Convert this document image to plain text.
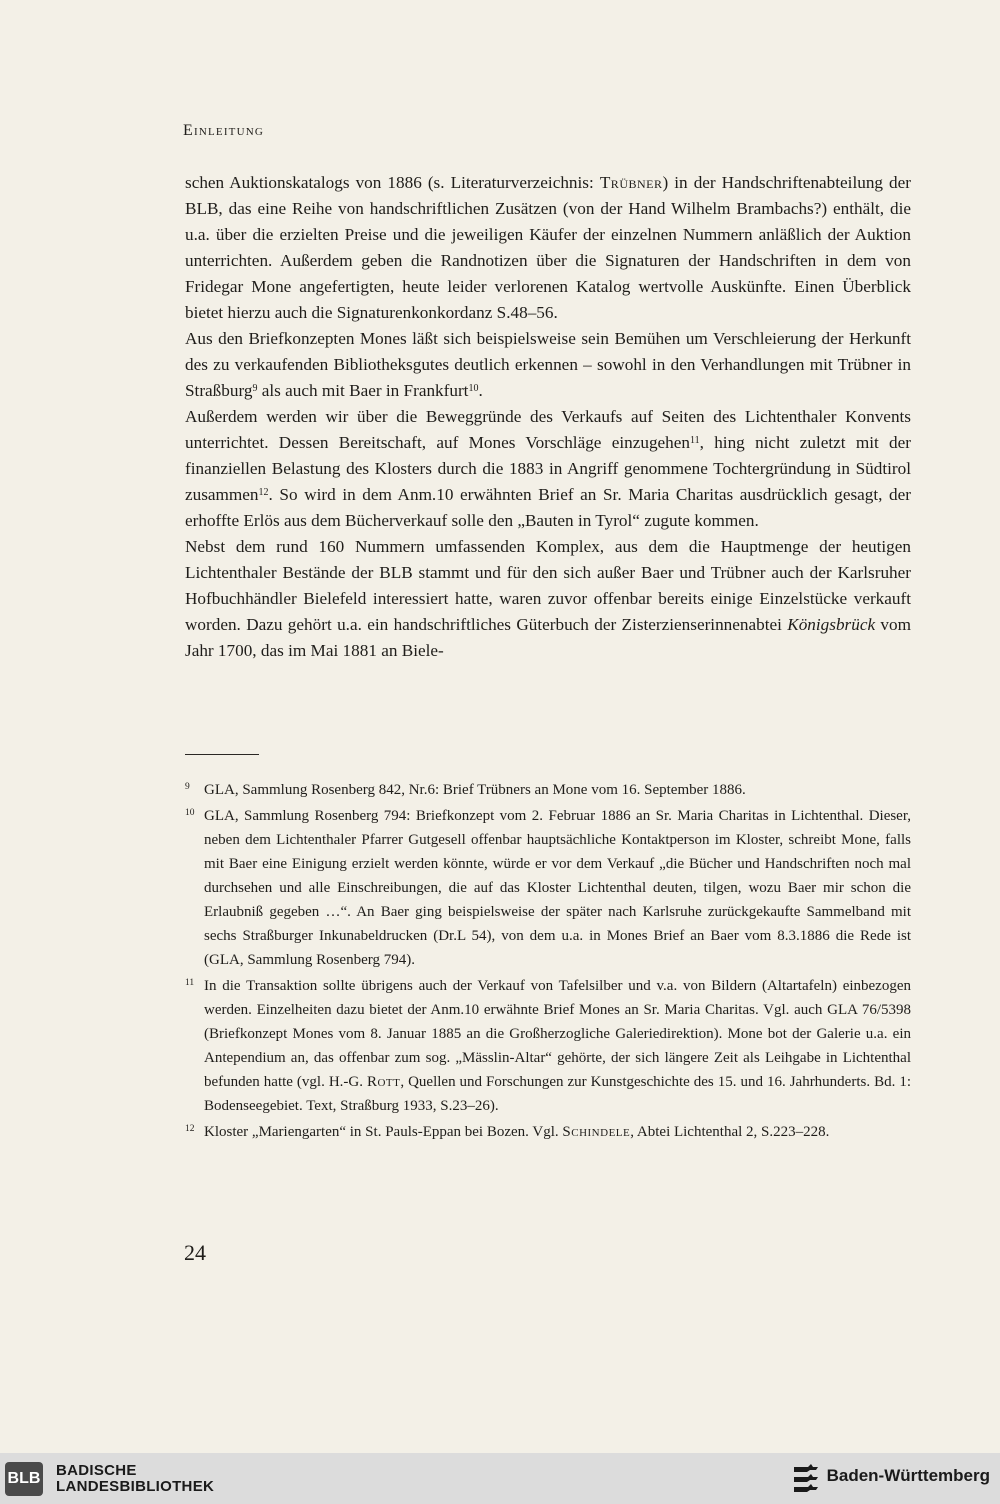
Einleitung

schen Auktionskatalogs von 1886 (s. Literaturverzeichnis: Trübner) in der Handschriftenabteilung der BLB, das eine Reihe von handschriftlichen Zusätzen (von der Hand Wilhelm Brambachs?) enthält, die u.a. über die erzielten Preise und die jeweiligen Käufer der einzelnen Nummern anläßlich der Auktion unterrichten. Außerdem geben die Randnotizen über die Signaturen der Handschriften in dem von Fridegar Mone angefertigten, heute leider verlorenen Katalog wertvolle Auskünfte. Einen Überblick bietet hierzu auch die Signaturenkonkordanz S.48–56.

Aus den Briefkonzepten Mones läßt sich beispielsweise sein Bemühen um Verschleierung der Herkunft des zu verkaufenden Bibliotheksgutes deutlich erkennen – sowohl in den Verhandlungen mit Trübner in Straßburg$^9$ als auch mit Baer in Frankfurt$^{10}$.

Außerdem werden wir über die Beweggründe des Verkaufs auf Seiten des Lichtenthaler Konvents unterrichtet. Dessen Bereitschaft, auf Mones Vorschläge einzugehen$^{11}$, hing nicht zuletzt mit der finanziellen Belastung des Klosters durch die 1883 in Angriff genommene Tochtergründung in Südtirol zusammen$^{12}$. So wird in dem Anm.10 erwähnten Brief an Sr. Maria Charitas ausdrücklich gesagt, der erhoffte Erlös aus dem Bücherverkauf solle den „Bauten in Tyrol“ zugute kommen.

Nebst dem rund 160 Nummern umfassenden Komplex, aus dem die Hauptmenge der heutigen Lichtenthaler Bestände der BLB stammt und für den sich außer Baer und Trübner auch der Karlsruher Hofbuchhändler Bielefeld interessiert hatte, waren zuvor offenbar bereits einige Einzelstücke verkauft worden. Dazu gehört u.a. ein handschriftliches Güterbuch der Zisterzienserinnenabtei Königsbrück vom Jahr 1700, das im Mai 1881 an Biele-

9 GLA, Sammlung Rosenberg 842, Nr.6: Brief Trübners an Mone vom 16. September 1886.
10 GLA, Sammlung Rosenberg 794: Briefkonzept vom 2. Februar 1886 an Sr. Maria Charitas in Lichtenthal. Dieser, neben dem Lichtenthaler Pfarrer Gutgesell offenbar hauptsächliche Kontaktperson im Kloster, schreibt Mone, falls mit Baer eine Einigung erzielt werden könnte, würde er vor dem Verkauf „die Bücher und Handschriften noch mal durchsehen und alle Einschreibungen, die auf das Kloster Lichtenthal deuten, tilgen, wozu Baer mir schon die Erlaubniß gegeben …“. An Baer ging beispielsweise der später nach Karlsruhe zurückgekaufte Sammelband mit sechs Straßburger Inkunabeldrucken (Dr.L 54), von dem u.a. in Mones Brief an Baer vom 8.3.1886 die Rede ist (GLA, Sammlung Rosenberg 794).
11 In die Transaktion sollte übrigens auch der Verkauf von Tafelsilber und v.a. von Bildern (Altartafeln) einbezogen werden. Einzelheiten dazu bietet der Anm.10 erwähnte Brief Mones an Sr. Maria Charitas. Vgl. auch GLA 76/5398 (Briefkonzept Mones vom 8. Januar 1885 an die Großherzogliche Galeriedirektion). Mone bot der Galerie u.a. ein Antependium an, das offenbar zum sog. „Mässlin-Altar“ gehörte, der sich längere Zeit als Leihgabe in Lichtenthal befunden hatte (vgl. H.-G. Rott, Quellen und Forschungen zur Kunstgeschichte des 15. und 16. Jahrhunderts. Bd. 1: Bodenseegebiet. Text, Straßburg 1933, S.23–26).
12 Kloster „Mariengarten“ in St. Pauls-Eppan bei Bozen. Vgl. Schindele, Abtei Lichtenthal 2, S.223–228.
24
BLB BADISCHE
LANDESBIBLIOTHEK
Baden-Württemberg
